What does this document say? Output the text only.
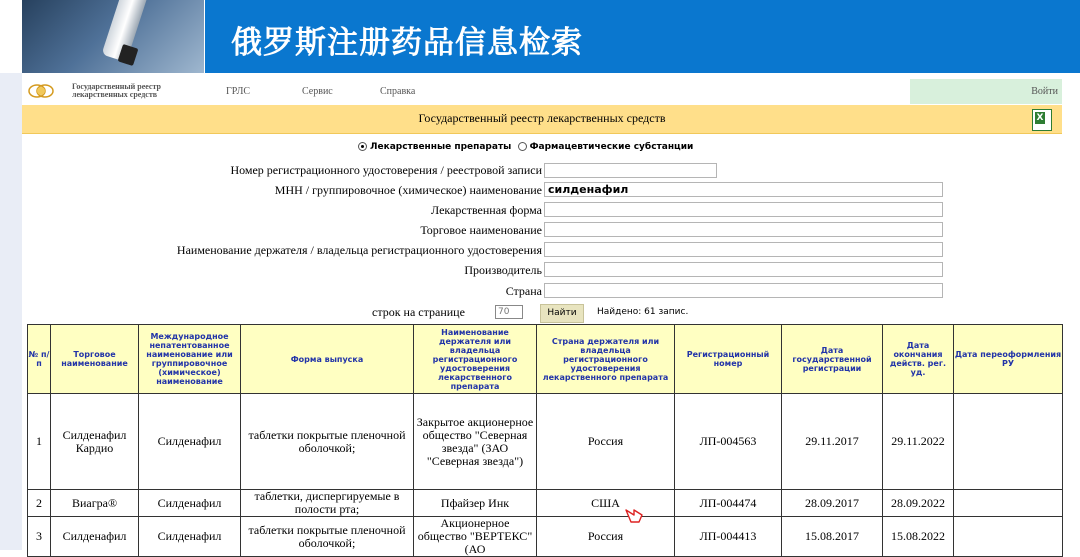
俄罗斯注册药品信息检索
Государственный реестр
лекарственных средств	ГРЛС	Сервис	Справка	Войти
Государственный реестр лекарственных средств
X
Лекарственные препараты Фармацевтические субстанции
Номер регистрационного удостоверения / реестровой записи
МНН / группировочное (химическое) наименование силденафил
Лекарственная форма
Торговое наименование
Наименование держателя / владельца регистрационного удостоверения
Производитель
Страна
строк на странице	70	Найти	Найдено: 61 запис.
№ п/п	Торговое наименование	Международное непатентованное наименование или группировочное (химическое) наименование	Форма выпуска	Наименование держателя или владельца регистрационного удостоверения лекарственного препарата	Страна держателя или владельца регистрационного удостоверения лекарственного препарата	Регистрационный номер	Дата государственной регистрации	Дата окончания действ. рег. уд.	Дата переоформления РУ
1	Силденафил Кардио	Силденафил	таблетки покрытые пленочной оболочкой;	Закрытое акционерное общество "Северная звезда" (ЗАО "Северная звезда")	Россия	ЛП-004563	29.11.2017	29.11.2022	
2	Виагра®	Силденафил	таблетки, диспергируемые в полости рта;	Пфайзер Инк	США	ЛП-004474	28.09.2017	28.09.2022	
3	Силденафил	Силденафил	таблетки покрытые пленочной оболочкой;	Акционерное общество "ВЕРТЕКС" (АО	Россия	ЛП-004413	15.08.2017	15.08.2022	
